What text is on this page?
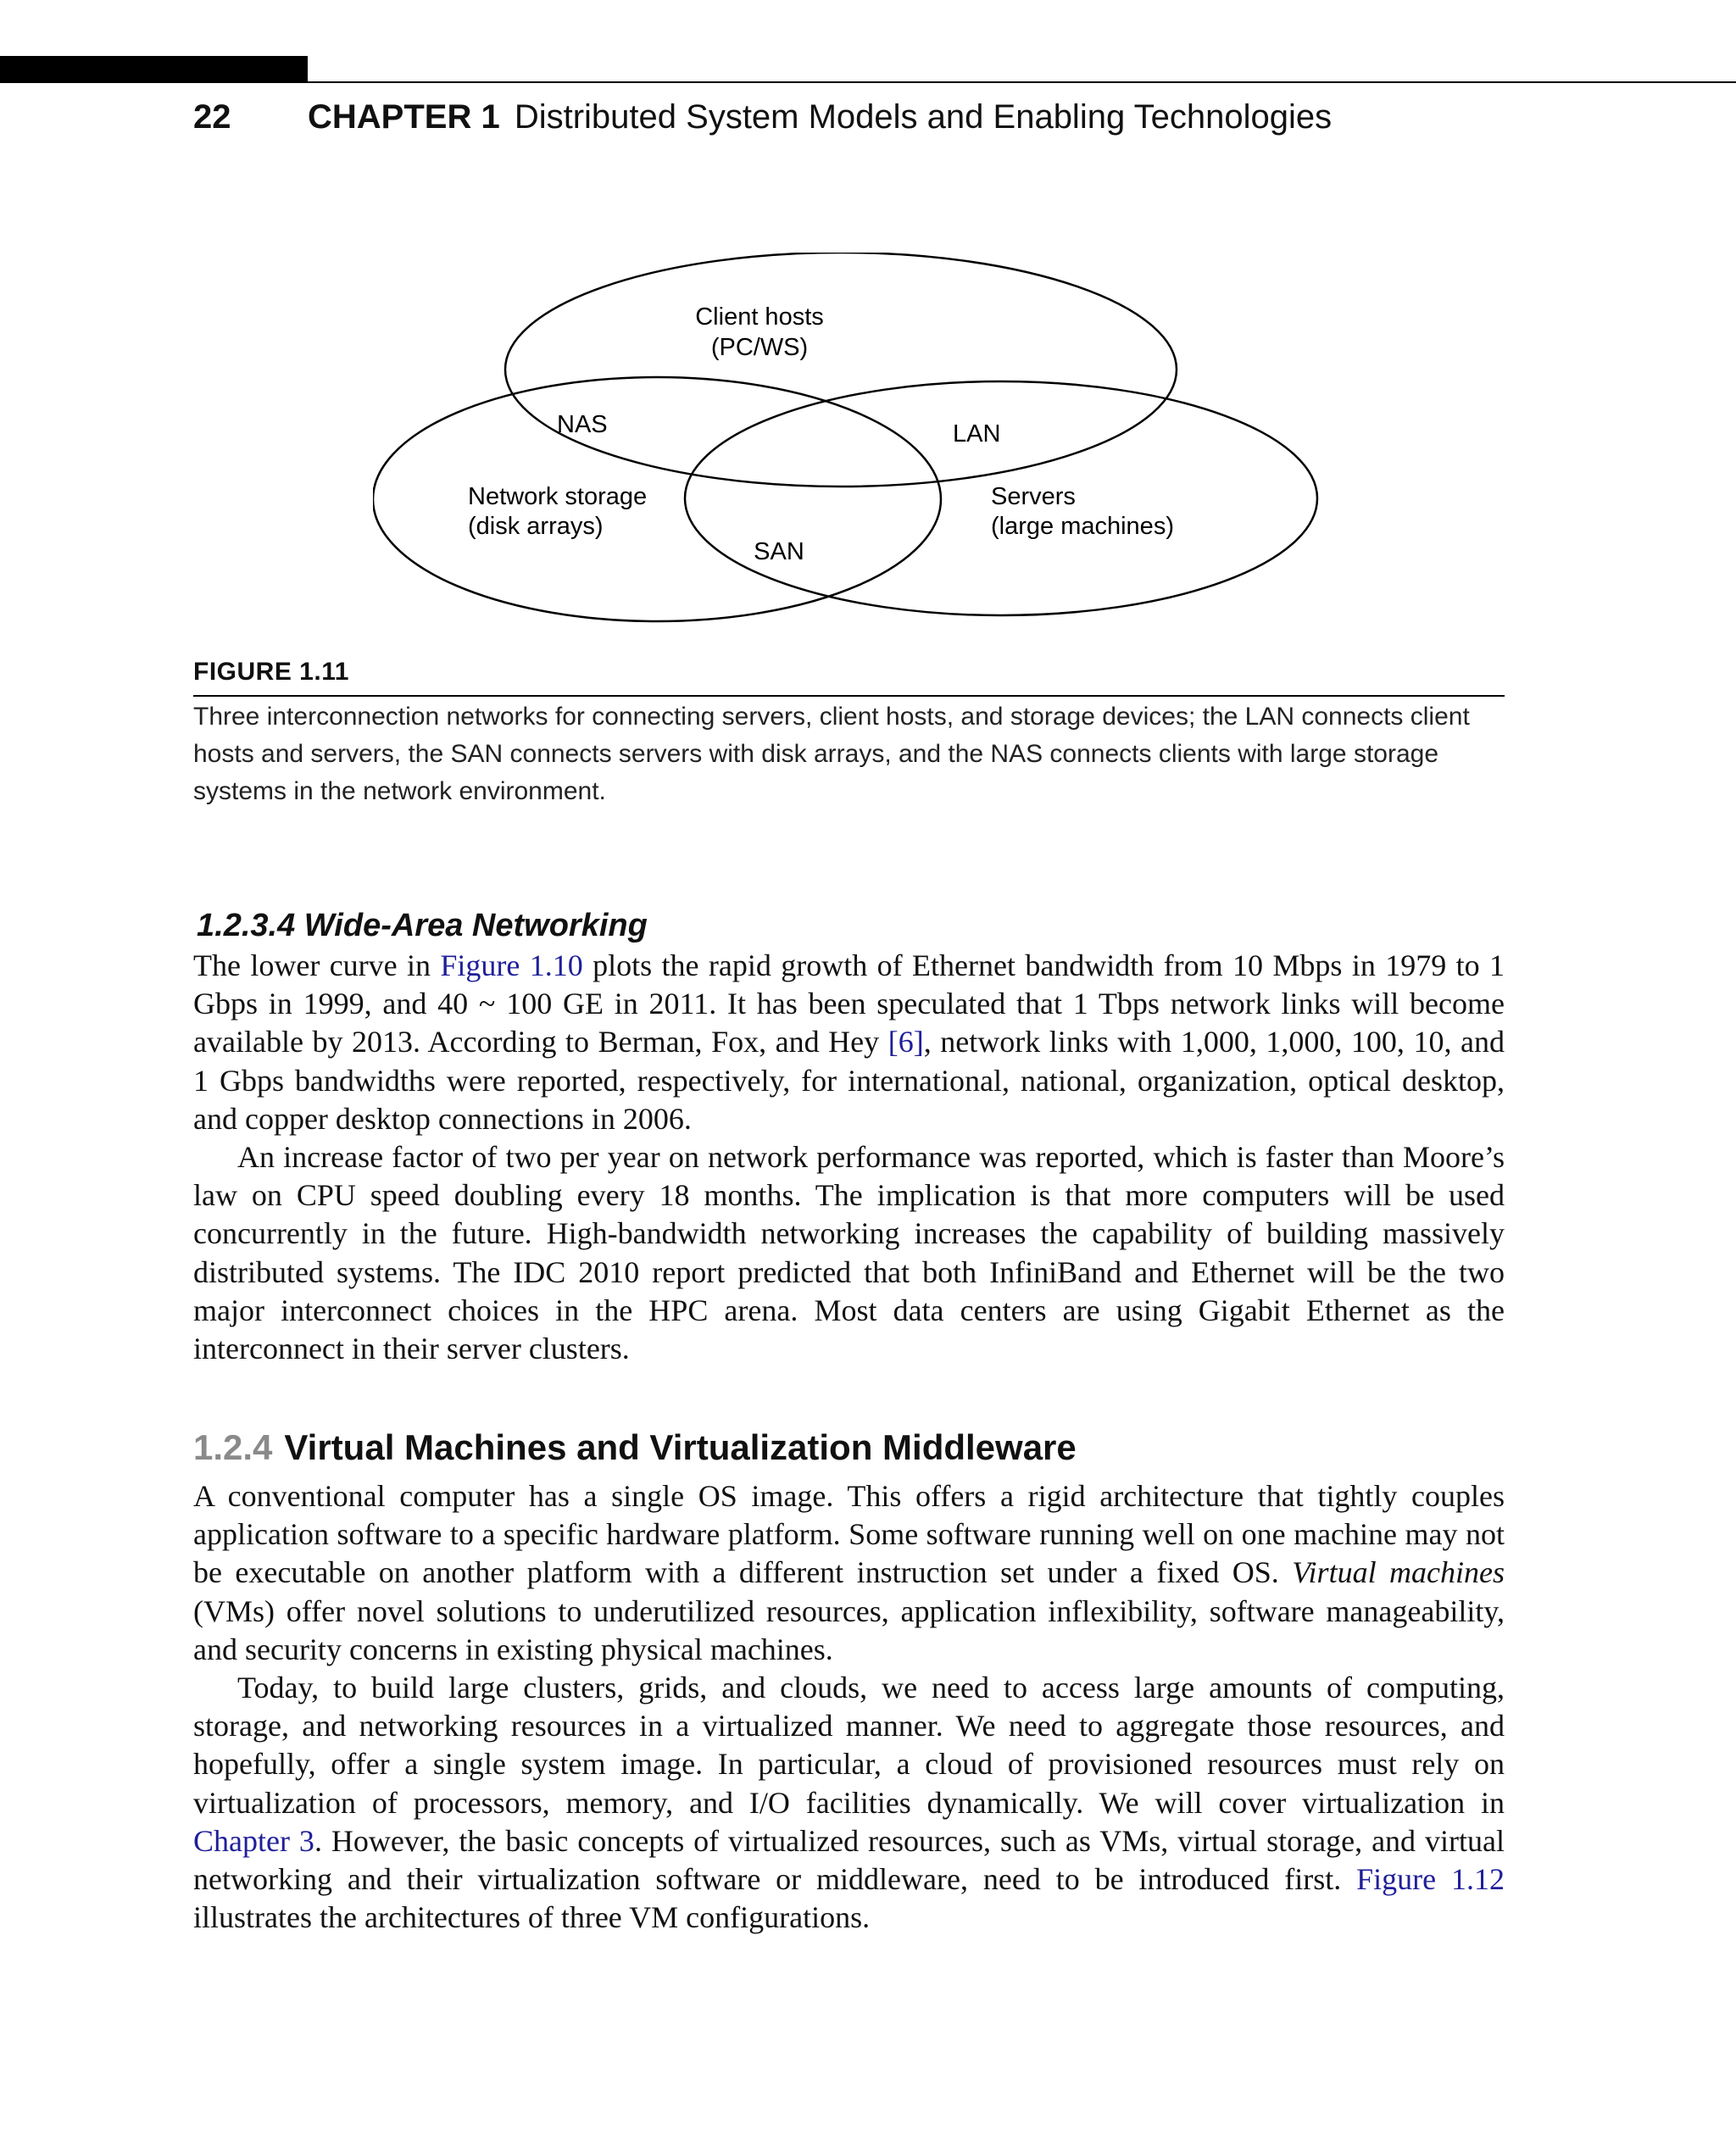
22 CHAPTER 1 Distributed System Models and Enabling Technologies
Client hosts
(PC/WS)
NAS	LAN
Network storage
(disk arrays)
Servers
(large machines)
SAN
FIGURE 1.11
Three interconnection networks for connecting servers, client hosts, and storage devices; the LAN connects client hosts and servers, the SAN connects servers with disk arrays, and the NAS connects clients with large storage systems in the network environment.
1.2.3.4 Wide-Area Networking

The lower curve in Figure 1.10 plots the rapid growth of Ethernet bandwidth from 10 Mbps in 1979 to 1 Gbps in 1999, and 40 ~ 100 GE in 2011. It has been speculated that 1 Tbps network links will become available by 2013. According to Berman, Fox, and Hey [6], network links with 1,000, 1,000, 100, 10, and 1 Gbps bandwidths were reported, respectively, for international, national, organization, optical desktop, and copper desktop connections in 2006.

An increase factor of two per year on network performance was reported, which is faster than Moore’s law on CPU speed doubling every 18 months. The implication is that more computers will be used concurrently in the future. High-bandwidth networking increases the capability of building massively distributed systems. The IDC 2010 report predicted that both InfiniBand and Ethernet will be the two major interconnect choices in the HPC arena. Most data centers are using Gigabit Ethernet as the interconnect in their server clusters.

1.2.4 Virtual Machines and Virtualization Middleware

A conventional computer has a single OS image. This offers a rigid architecture that tightly couples application software to a specific hardware platform. Some software running well on one machine may not be executable on another platform with a different instruction set under a fixed OS. Virtual machines (VMs) offer novel solutions to underutilized resources, application inflexibility, software manageability, and security concerns in existing physical machines.

Today, to build large clusters, grids, and clouds, we need to access large amounts of computing, storage, and networking resources in a virtualized manner. We need to aggregate those resources, and hopefully, offer a single system image. In particular, a cloud of provisioned resources must rely on virtualization of processors, memory, and I/O facilities dynamically. We will cover virtualization in Chapter 3. However, the basic concepts of virtualized resources, such as VMs, virtual storage, and virtual networking and their virtualization software or middleware, need to be introduced first. Figure 1.12 illustrates the architectures of three VM configurations.
